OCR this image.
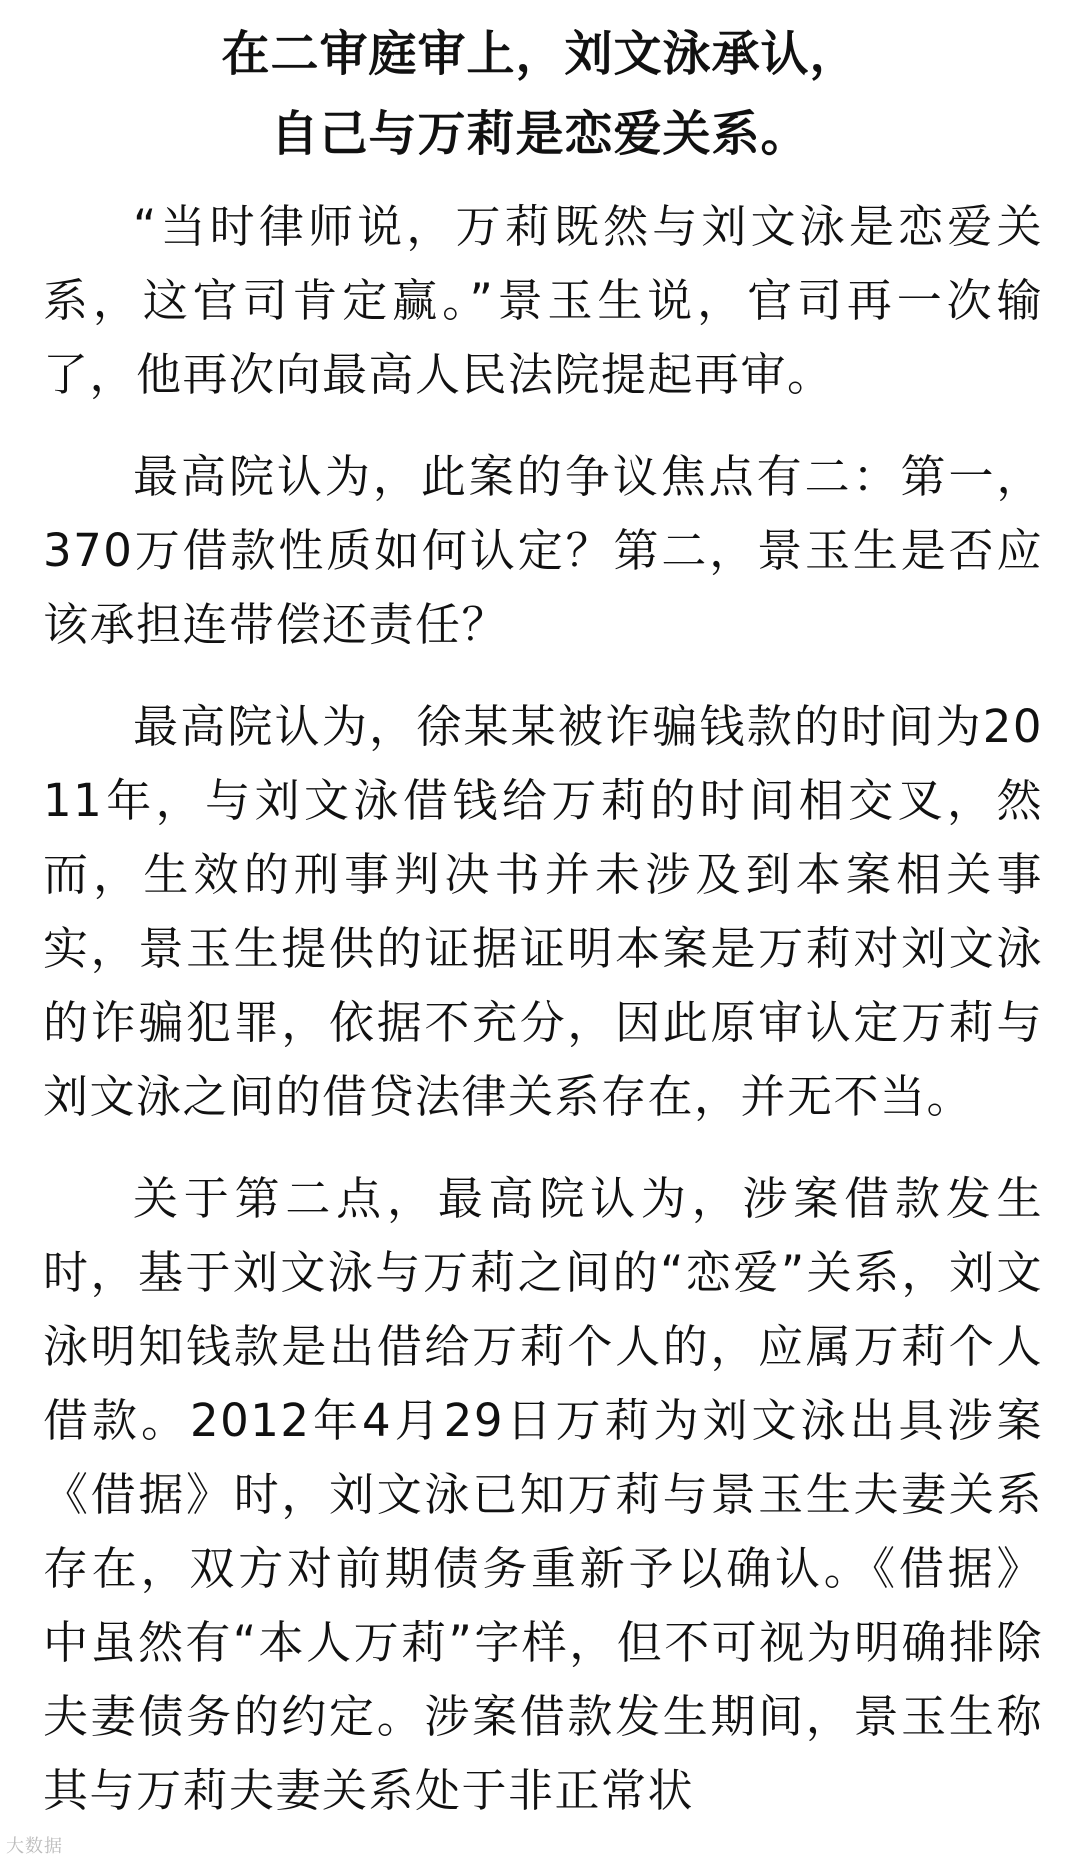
在二审庭审上，刘文泳承认，
自己与万莉是恋爱关系。

“当时律师说，万莉既然与刘文泳是恋爱关系，这官司肯定赢。”景玉生说，官司再一次输了，他再次向最高人民法院提起再审。

最高院认为，此案的争议焦点有二：第一，370万借款性质如何认定？第二，景玉生是否应该承担连带偿还责任？

最高院认为，徐某某被诈骗钱款的时间为2011年，与刘文泳借钱给万莉的时间相交叉，然而，生效的刑事判决书并未涉及到本案相关事实，景玉生提供的证据证明本案是万莉对刘文泳的诈骗犯罪，依据不充分，因此原审认定万莉与刘文泳之间的借贷法律关系存在，并无不当。

关于第二点，最高院认为，涉案借款发生时，基于刘文泳与万莉之间的“恋爱”关系，刘文泳明知钱款是出借给万莉个人的，应属万莉个人借款。2012年4月29日万莉为刘文泳出具涉案《借据》时，刘文泳已知万莉与景玉生夫妻关系存在，双方对前期债务重新予以确认。《借据》中虽然有“本人万莉”字样，但不可视为明确排除夫妻债务的约定。涉案借款发生期间，景玉生称其与万莉夫妻关系处于非正常状

大数据
